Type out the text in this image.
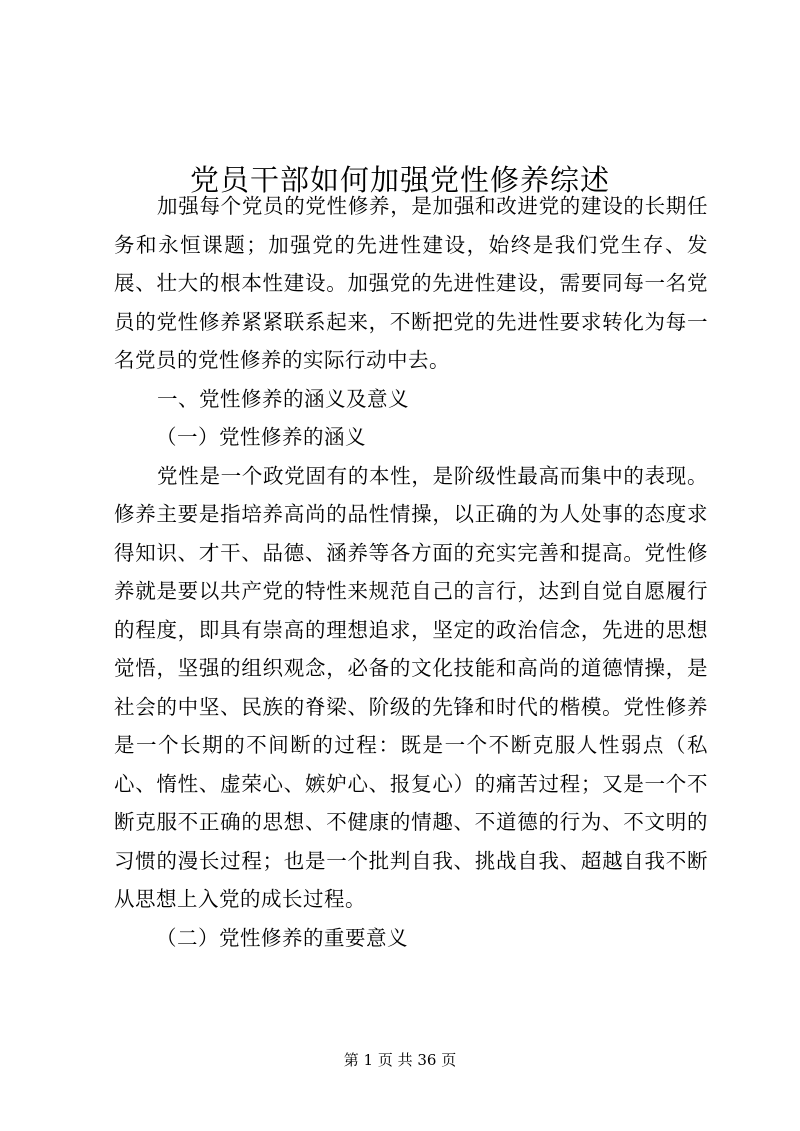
党员干部如何加强党性修养综述

加强每个党员的党性修养，是加强和改进党的建设的长期任务和永恒课题；加强党的先进性建设，始终是我们党生存、发展、壮大的根本性建设。加强党的先进性建设，需要同每一名党员的党性修养紧紧联系起来，不断把党的先进性要求转化为每一名党员的党性修养的实际行动中去。

一、党性修养的涵义及意义

（一）党性修养的涵义

党性是一个政党固有的本性，是阶级性最高而集中的表现。修养主要是指培养高尚的品性情操，以正确的为人处事的态度求得知识、才干、品德、涵养等各方面的充实完善和提高。党性修养就是要以共产党的特性来规范自己的言行，达到自觉自愿履行的程度，即具有崇高的理想追求，坚定的政治信念，先进的思想觉悟，坚强的组织观念，必备的文化技能和高尚的道德情操，是社会的中坚、民族的脊梁、阶级的先锋和时代的楷模。党性修养是一个长期的不间断的过程：既是一个不断克服人性弱点（私心、惰性、虚荣心、嫉妒心、报复心）的痛苦过程；又是一个不断克服不正确的思想、不健康的情趣、不道德的行为、不文明的习惯的漫长过程；也是一个批判自我、挑战自我、超越自我不断从思想上入党的成长过程。

（二）党性修养的重要意义

第 1 页 共 36 页
